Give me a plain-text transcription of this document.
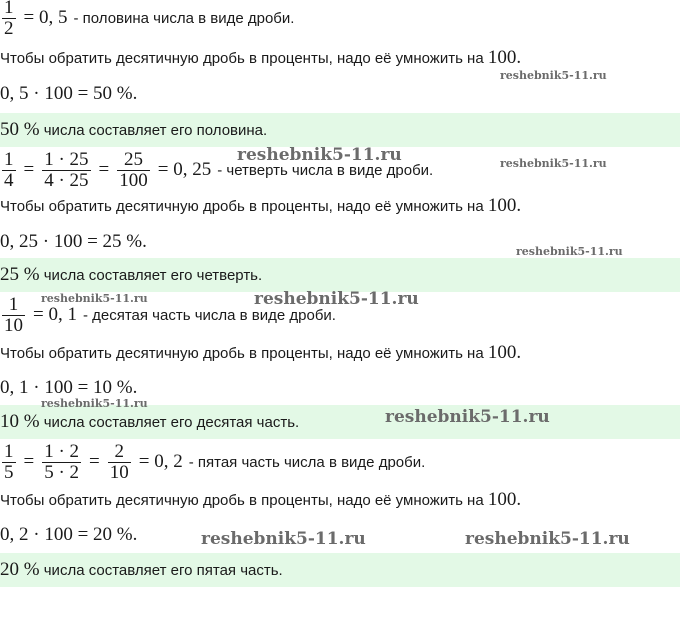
$\frac{1}{2} = 0$, 5 - половина числа в виде дроби.
Чтобы обратить десятичную дробь в проценты, надо её умножить на 100.
0, 5 · 100 = 50 %.
50 % числа составляет его половина.
$\frac{1}{4} = \frac{1 \cdot 25}{4 \cdot 25} = \frac{25}{100} = 0$, 25 - четверть числа в виде дроби.
Чтобы обратить десятичную дробь в проценты, надо её умножить на 100.
0, 25 · 100 = 25 %.
25 % числа составляет его четверть.
$\frac{1}{10} = 0$, 1 - десятая часть числа в виде дроби.
Чтобы обратить десятичную дробь в проценты, надо её умножить на 100.
0, 1 · 100 = 10 %.
10 % числа составляет его десятая часть.
$\frac{1}{5} = \frac{1 \cdot 2}{5 \cdot 2} = \frac{2}{10} = 0$, 2 - пятая часть числа в виде дроби.
Чтобы обратить десятичную дробь в проценты, надо её умножить на 100.
0, 2 · 100 = 20 %.
20 % числа составляет его пятая часть.
reshebnik5-11.ru
reshebnik5-11.ru	reshebnik5-11.ru
reshebnik5-11.ru
reshebnik5-11.ru	reshebnik5-11.ru
reshebnik5-11.ru
reshebnik5-11.ru
reshebnik5-11.ru	reshebnik5-11.ru
